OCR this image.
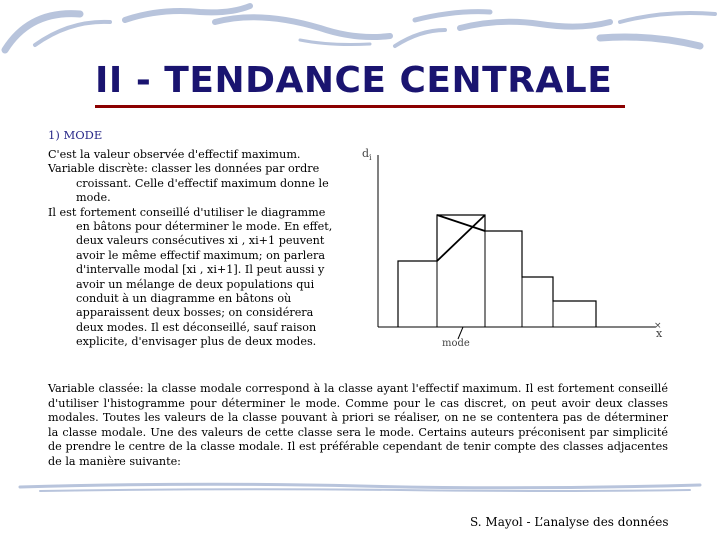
II - TENDANCE CENTRALE
1) MODE

C'est la valeur observée d'effectif maximum.

Variable discrète: classer les données par ordre croissant. Celle d'effectif maximum donne le mode.

Il est fortement conseillé d'utiliser le diagramme en bâtons pour déterminer le mode. En effet, deux valeurs consécutives xi , xi+1 peuvent avoir le même effectif maximum; on parlera d'intervalle modal [xi , xi+1]. Il peut aussi y avoir un mélange de deux populations qui conduit à un diagramme en bâtons où apparaissent deux bosses; on considérera deux modes. Il est déconseillé, sauf raison explicite, d'envisager plus de deux modes.

$d_i$
x
×
mode
Variable classée: la classe modale correspond à la classe ayant l'effectif maximum. Il est fortement conseillé d'utiliser l'histogramme pour déterminer le mode. Comme pour le cas discret, on peut avoir deux classes modales. Toutes les valeurs de la classe pouvant à priori se réaliser, on ne se contentera pas de déterminer la classe modale. Une des valeurs de cette classe sera le mode. Certains auteurs préconisent par simplicité de prendre le centre de la classe modale. Il est préférable cependant de tenir compte des classes adjacentes de la manière suivante:
S. Mayol - L’analyse des données
